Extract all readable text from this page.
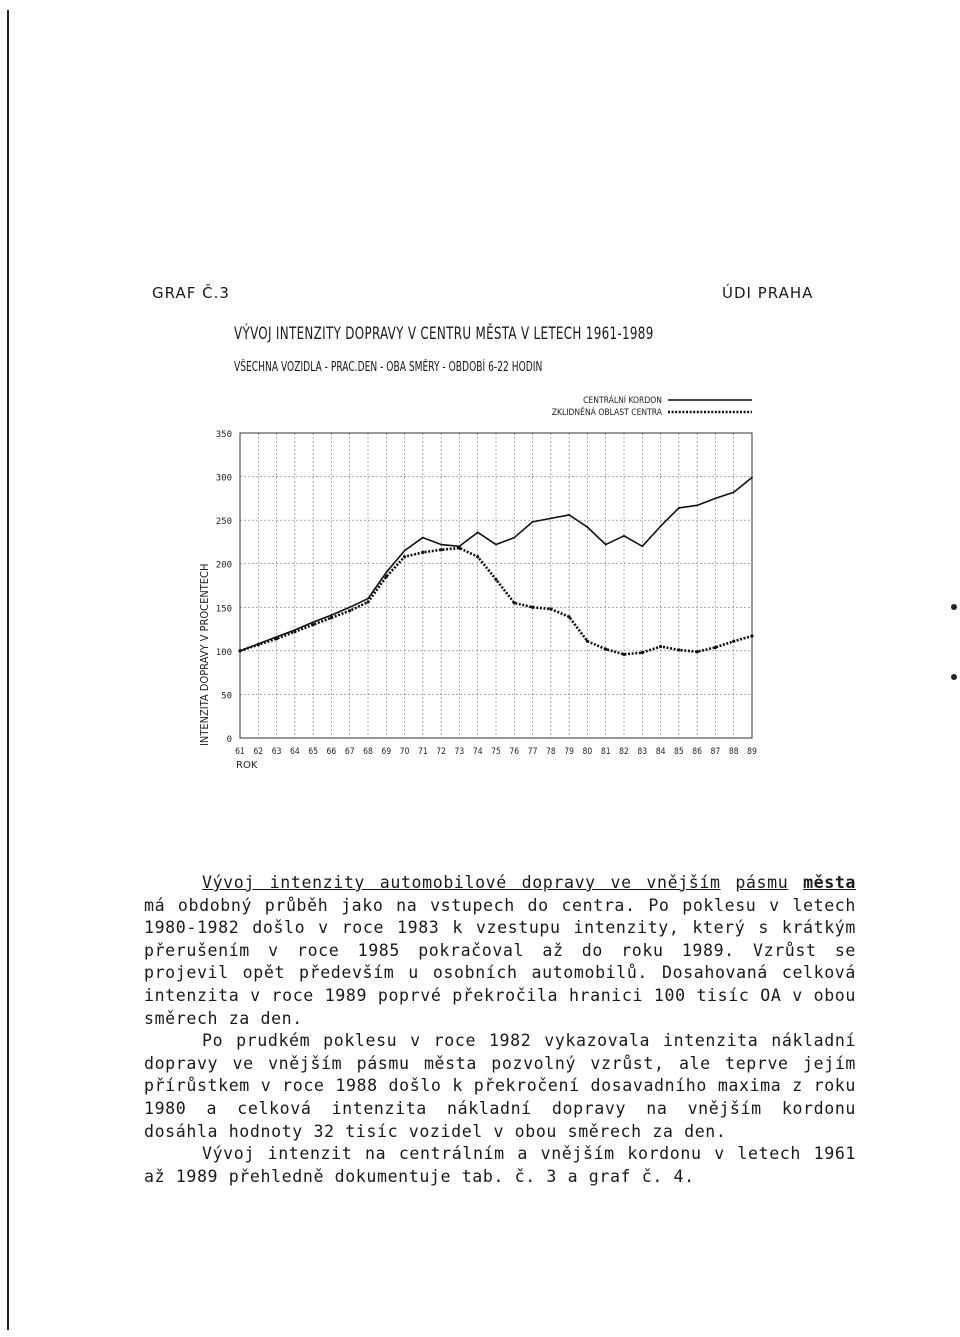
GRAF Č.3	ÚDI PRAHA
VÝVOJ INTENZITY DOPRAVY V CENTRU MĚSTA V LETECH 1961-1989
VŠECHNA VOZIDLA - PRAC.DEN - OBA SMĚRY - OBDOBÍ 6-22 HODIN
350
300
250
200
150
100
50
0
61 62 63 64 65 66 67 68 69 70 71 72 73 74 75 76 77 78 79 80 81 82 83 84 85 86 87 88 89
ROK
INTENZITA DOPRAVY V PROCENTECH
CENTRÁLNÍ KORDON
ZKLIDNĚNÁ OBLAST CENTRA

Vývoj intenzity automobilové dopravy ve vnějším pásmu města má obdobný průběh jako na vstupech do centra. Po poklesu v letech 1980-1982 došlo v roce 1983 k vzestupu intenzity, který s krátkým přerušením v roce 1985 pokračoval až do roku 1989. Vzrůst se projevil opět především u osobních automobilů. Dosahovaná celková intenzita v roce 1989 poprvé překročila hranici 100 tisíc OA v obou směrech za den.

Po prudkém poklesu v roce 1982 vykazovala intenzita nákladní dopravy ve vnějším pásmu města pozvolný vzrůst, ale teprve jejím přírůstkem v roce 1988 došlo k překročení dosavadního maxima z roku 1980 a celková intenzita nákladní dopravy na vnějším kordonu dosáhla hodnoty 32 tisíc vozidel v obou směrech za den.

Vývoj intenzit na centrálním a vnějším kordonu v letech 1961 až 1989 přehledně dokumentuje tab. č. 3 a graf č. 4.
